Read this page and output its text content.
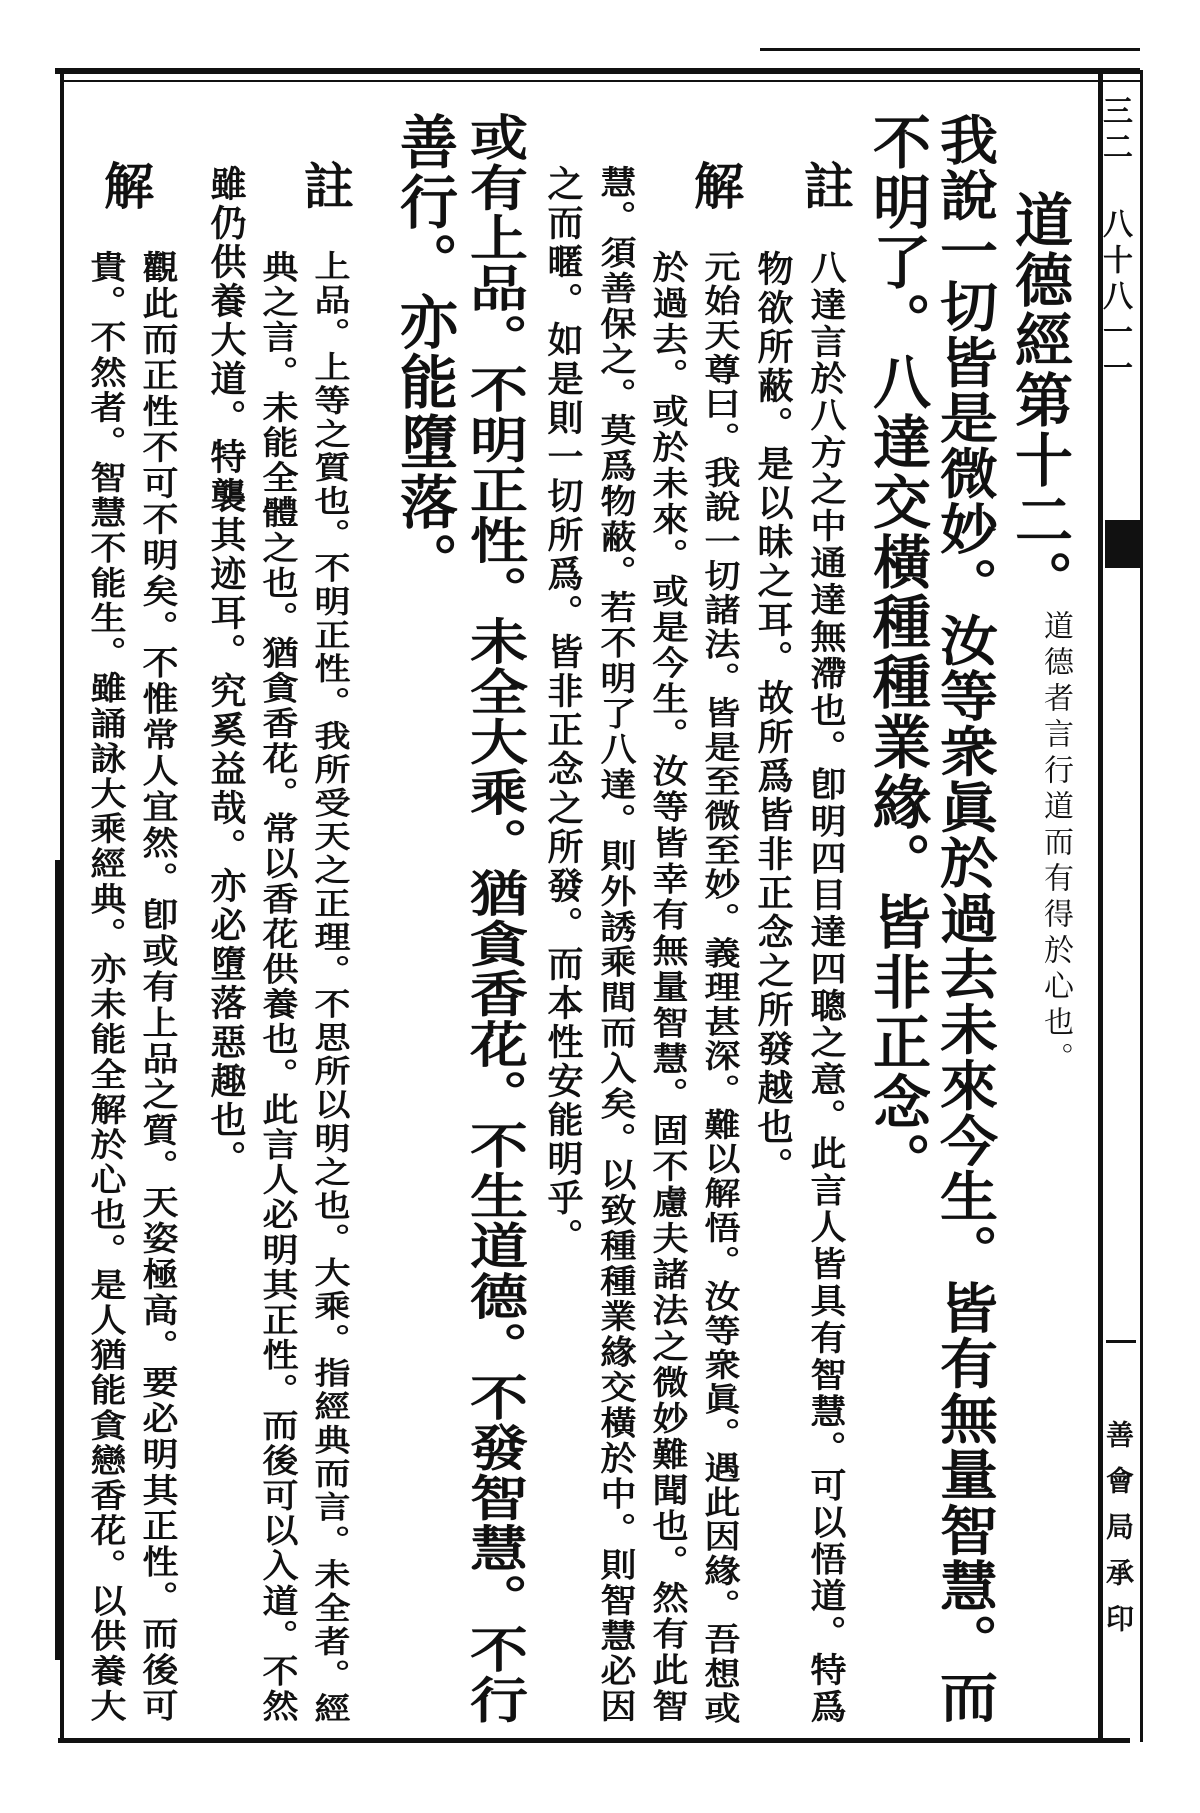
三二 八十八一一
善會局承印
道德經第十二。
道德者言行道而有得於心也。
我說一切皆是微妙。汝等衆眞於過去未來今生。皆有無量智慧。而
不明了。八達交橫種種業緣。皆非正念。
註
八達言於八方之中通達無滯也。卽明四目達四聰之意。此言人皆具有智慧。可以悟道。特爲
物欲所蔽。是以昧之耳。故所爲皆非正念之所發越也。
解
元始天尊曰。我說一切諸法。皆是至微至妙。義理甚深。難以解悟。汝等衆眞。遇此因緣。吾想或
於過去。或於未來。或是今生。汝等皆幸有無量智慧。固不慮夫諸法之微妙難聞也。然有此智
慧。須善保之。莫爲物蔽。若不明了八達。則外誘乘間而入矣。以致種種業緣交橫於中。則智慧必因
之而暱。如是則一切所爲。皆非正念之所發。而本性安能明乎。
或有上品。不明正性。未全大乘。猶貪香花。不生道德。不發智慧。不行
善行。亦能墮落。
註
上品。上等之質也。不明正性。我所受天之正理。不思所以明之也。大乘。指經典而言。未全者。經
典之言。未能全體之也。猶貪香花。常以香花供養也。此言人必明其正性。而後可以入道。不然
雖仍供養大道。特襲其迹耳。究奚益哉。亦必墮落惡趣也。
解
觀此而正性不可不明矣。不惟常人宜然。卽或有上品之質。天姿極高。要必明其正性。而後可
貴。不然者。智慧不能生。雖誦詠大乘經典。亦未能全解於心也。是人猶能貪戀香花。以供養大
